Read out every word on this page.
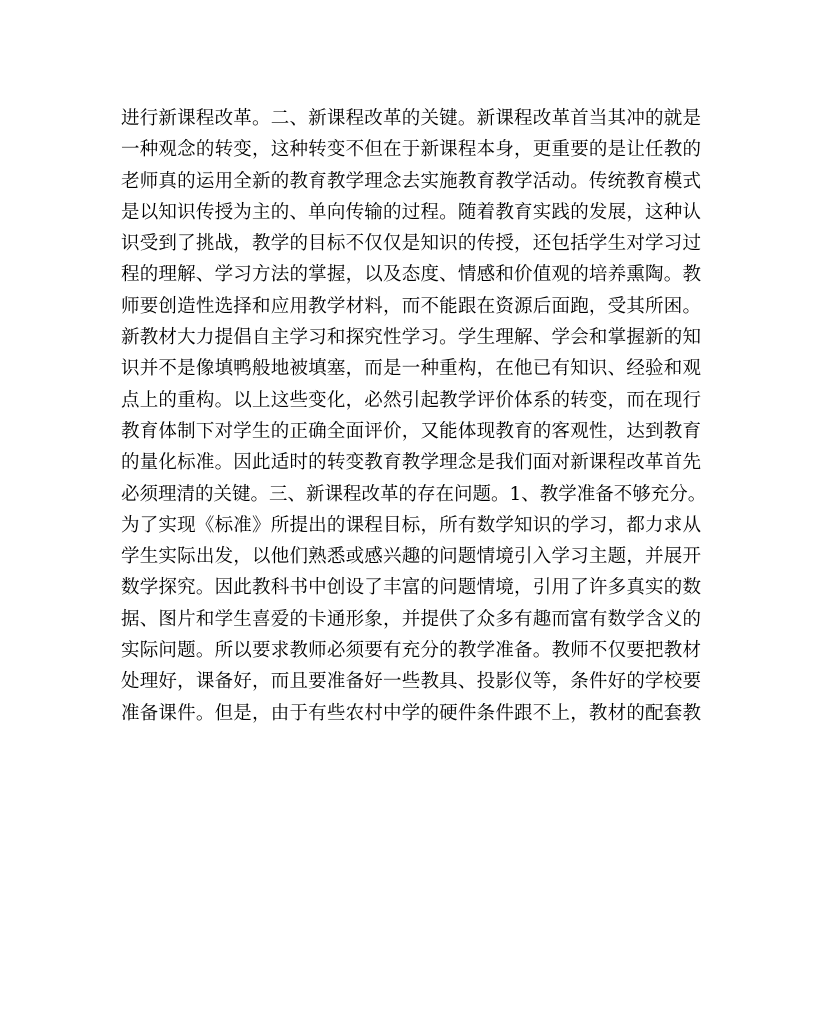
进行新课程改革。二、新课程改革的关键。新课程改革首当其冲的就是
一种观念的转变，这种转变不但在于新课程本身，更重要的是让任教的
老师真的运用全新的教育教学理念去实施教育教学活动。传统教育模式
是以知识传授为主的、单向传输的过程。随着教育实践的发展，这种认
识受到了挑战，教学的目标不仅仅是知识的传授，还包括学生对学习过
程的理解、学习方法的掌握，以及态度、情感和价值观的培养熏陶。教
师要创造性选择和应用教学材料，而不能跟在资源后面跑，受其所困。
新教材大力提倡自主学习和探究性学习。学生理解、学会和掌握新的知
识并不是像填鸭般地被填塞，而是一种重构，在他已有知识、经验和观
点上的重构。以上这些变化，必然引起教学评价体系的转变，而在现行
教育体制下对学生的正确全面评价，又能体现教育的客观性，达到教育
的量化标准。因此适时的转变教育教学理念是我们面对新课程改革首先
必须理清的关键。三、新课程改革的存在问题。1、教学准备不够充分。
为了实现《标准》所提出的课程目标，所有数学知识的学习，都力求从
学生实际出发，以他们熟悉或感兴趣的问题情境引入学习主题，并展开
数学探究。因此教科书中创设了丰富的问题情境，引用了许多真实的数
据、图片和学生喜爱的卡通形象，并提供了众多有趣而富有数学含义的
实际问题。所以要求教师必须要有充分的教学准备。教师不仅要把教材
处理好，课备好，而且要准备好一些教具、投影仪等，条件好的学校要
准备课件。但是，由于有些农村中学的硬件条件跟不上，教材的配套教
